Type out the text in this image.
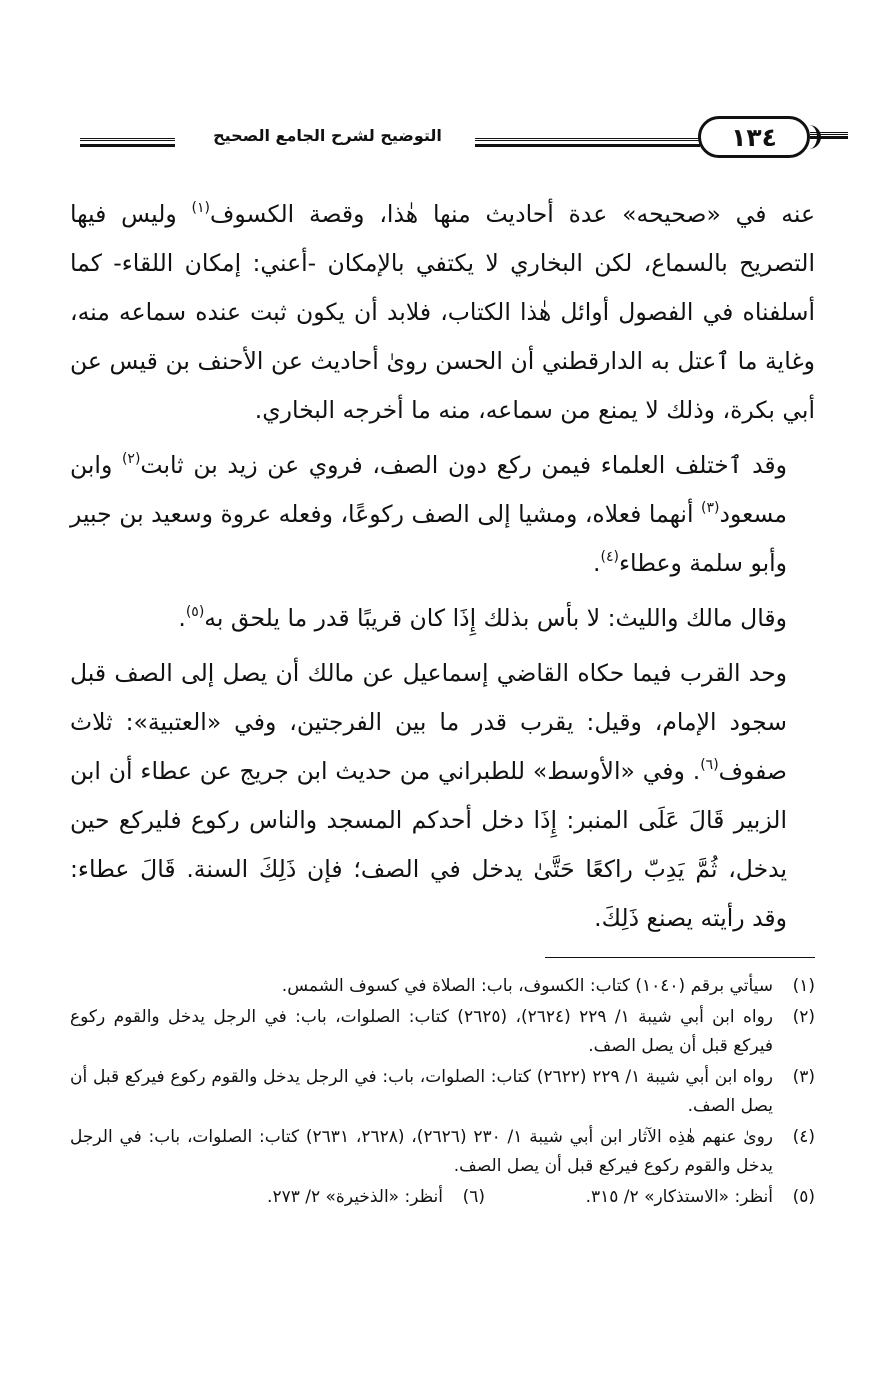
التوضيح لشرح الجامع الصحيح	١٣٤

عنه في «صحيحه» عدة أحاديث منها هٰذا، وقصة الكسوف$^{(١)}$ وليس فيها التصريح بالسماع، لكن البخاري لا يكتفي بالإمكان -أعني: إمكان اللقاء- كما أسلفناه في الفصول أوائل هٰذا الكتاب، فلابد أن يكون ثبت عنده سماعه منه، وغاية ما ٱعتل به الدارقطني أن الحسن روىٰ أحاديث عن الأحنف بن قيس عن أبي بكرة، وذلك لا يمنع من سماعه، منه ما أخرجه البخاري.

وقد ٱختلف العلماء فيمن ركع دون الصف، فروي عن زيد بن ثابت$^{(٢)}$ وابن مسعود$^{(٣)}$ أنهما فعلاه، ومشيا إلى الصف ركوعًا، وفعله عروة وسعيد بن جبير وأبو سلمة وعطاء$^{(٤)}$.

وقال مالك والليث: لا بأس بذلك إِذَا كان قريبًا قدر ما يلحق به$^{(٥)}$.

وحد القرب فيما حكاه القاضي إسماعيل عن مالك أن يصل إلى الصف قبل سجود الإمام، وقيل: يقرب قدر ما بين الفرجتين، وفي «العتبية»: ثلاث صفوف$^{(٦)}$. وفي «الأوسط» للطبراني من حديث ابن جريج عن عطاء أن ابن الزبير قَالَ عَلَى المنبر: إِذَا دخل أحدكم المسجد والناس ركوع فليركع حين يدخل، ثُمَّ يَدِبّ راكعًا حَتَّىٰ يدخل في الصف؛ فإن ذَلِكَ السنة. قَالَ عطاء: وقد رأيته يصنع ذَلِكَ.

(١)
سيأتي برقم (١٠٤٠) كتاب: الكسوف، باب: الصلاة في كسوف الشمس.
(٢)
رواه ابن أبي شيبة ١/ ٢٢٩ (٢٦٢٤)، (٢٦٢٥) كتاب: الصلوات، باب: في الرجل يدخل والقوم ركوع فيركع قبل أن يصل الصف.
(٣)
رواه ابن أبي شيبة ١/ ٢٢٩ (٢٦٢٢) كتاب: الصلوات، باب: في الرجل يدخل والقوم ركوع فيركع قبل أن يصل الصف.
(٤)
روىٰ عنهم هٰذِه الآثار ابن أبي شيبة ١/ ٢٣٠ (٢٦٢٦)، (٢٦٢٨، ٢٦٣١) كتاب: الصلوات، باب: في الرجل يدخل والقوم ركوع فيركع قبل أن يصل الصف.
(٥)
أنظر: «الاستذكار» ٢/ ٣١٥.
(٦)
أنظر: «الذخيرة» ٢/ ٢٧٣.
